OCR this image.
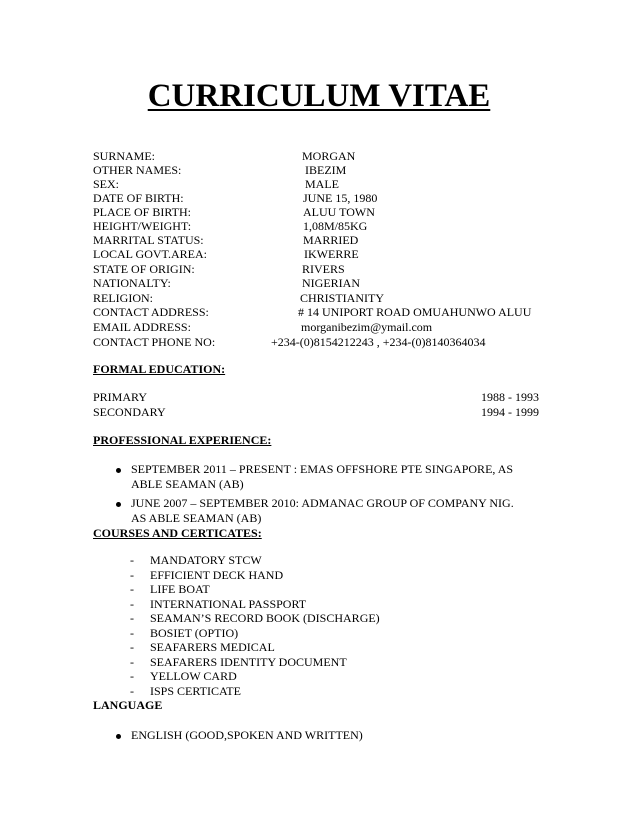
CURRICULUM VITAE
SURNAME:	MORGAN
OTHER NAMES:	IBEZIM
SEX:	MALE
DATE OF BIRTH:	JUNE 15, 1980
PLACE OF BIRTH:	ALUU TOWN
HEIGHT/WEIGHT:	1,08M/85KG
MARRITAL STATUS:	MARRIED
LOCAL GOVT.AREA:	IKWERRE
STATE OF ORIGIN:	RIVERS
NATIONALTY:	NIGERIAN
RELIGION:	CHRISTIANITY
CONTACT ADDRESS:	# 14 UNIPORT ROAD OMUAHUNWO ALUU
EMAIL ADDRESS:	morganibezim@ymail.com
CONTACT PHONE NO:	+234-(0)8154212243 , +234-(0)8140364034
FORMAL EDUCATION:
PRIMARY	1988 - 1993
SECONDARY	1994 - 1999
PROFESSIONAL EXPERIENCE:
SEPTEMBER 2011 – PRESENT : EMAS OFFSHORE PTE SINGAPORE, AS
ABLE SEAMAN (AB)
JUNE 2007 – SEPTEMBER 2010: ADMANAC GROUP OF COMPANY NIG.
AS ABLE SEAMAN (AB)
COURSES AND CERTICATES:
- MANDATORY STCW
- EFFICIENT DECK HAND
- LIFE BOAT
- INTERNATIONAL PASSPORT
- SEAMAN’S RECORD BOOK (DISCHARGE)
- BOSIET (OPTIO)
- SEAFARERS MEDICAL
- SEAFARERS IDENTITY DOCUMENT
- YELLOW CARD
- ISPS CERTICATE
LANGUAGE
ENGLISH (GOOD,SPOKEN AND WRITTEN)
